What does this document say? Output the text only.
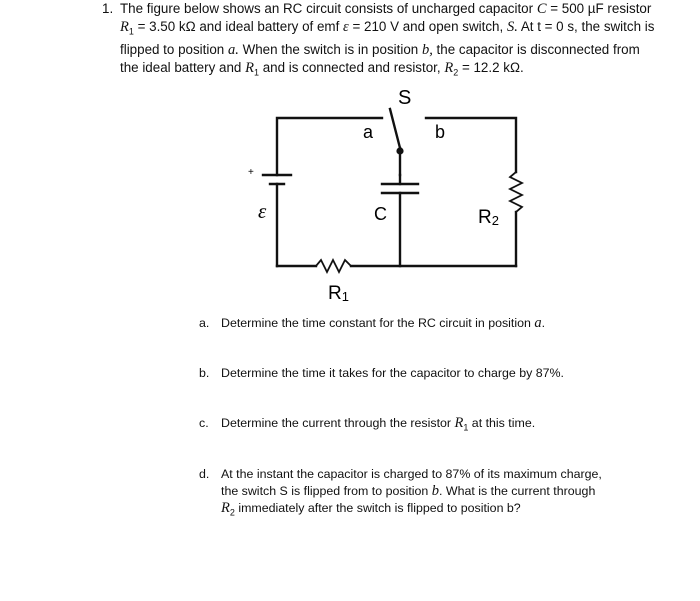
1. The figure below shows an RC circuit consists of uncharged capacitor C = 500 µF resistor $R_1 = 3.50$ kΩ and ideal battery of emf ε = 210 V and open switch, S. At t = 0 s, the switch is flipped to position a. When the switch is in position b, the capacitor is disconnected from the ideal battery and $R_1$ and is connected and resistor, $R_2 = 12.2$ kΩ.
S
a	b
+
ε	C	R2
R1
a. Determine the time constant for the RC circuit in position a.
b. Determine the time it takes for the capacitor to charge by 87%.
c. Determine the current through the resistor $R_1$ at this time.
d. At the instant the capacitor is charged to 87% of its maximum charge,
the switch S is flipped from to position b. What is the current through
$R_2$ immediately after the switch is flipped to position b?
